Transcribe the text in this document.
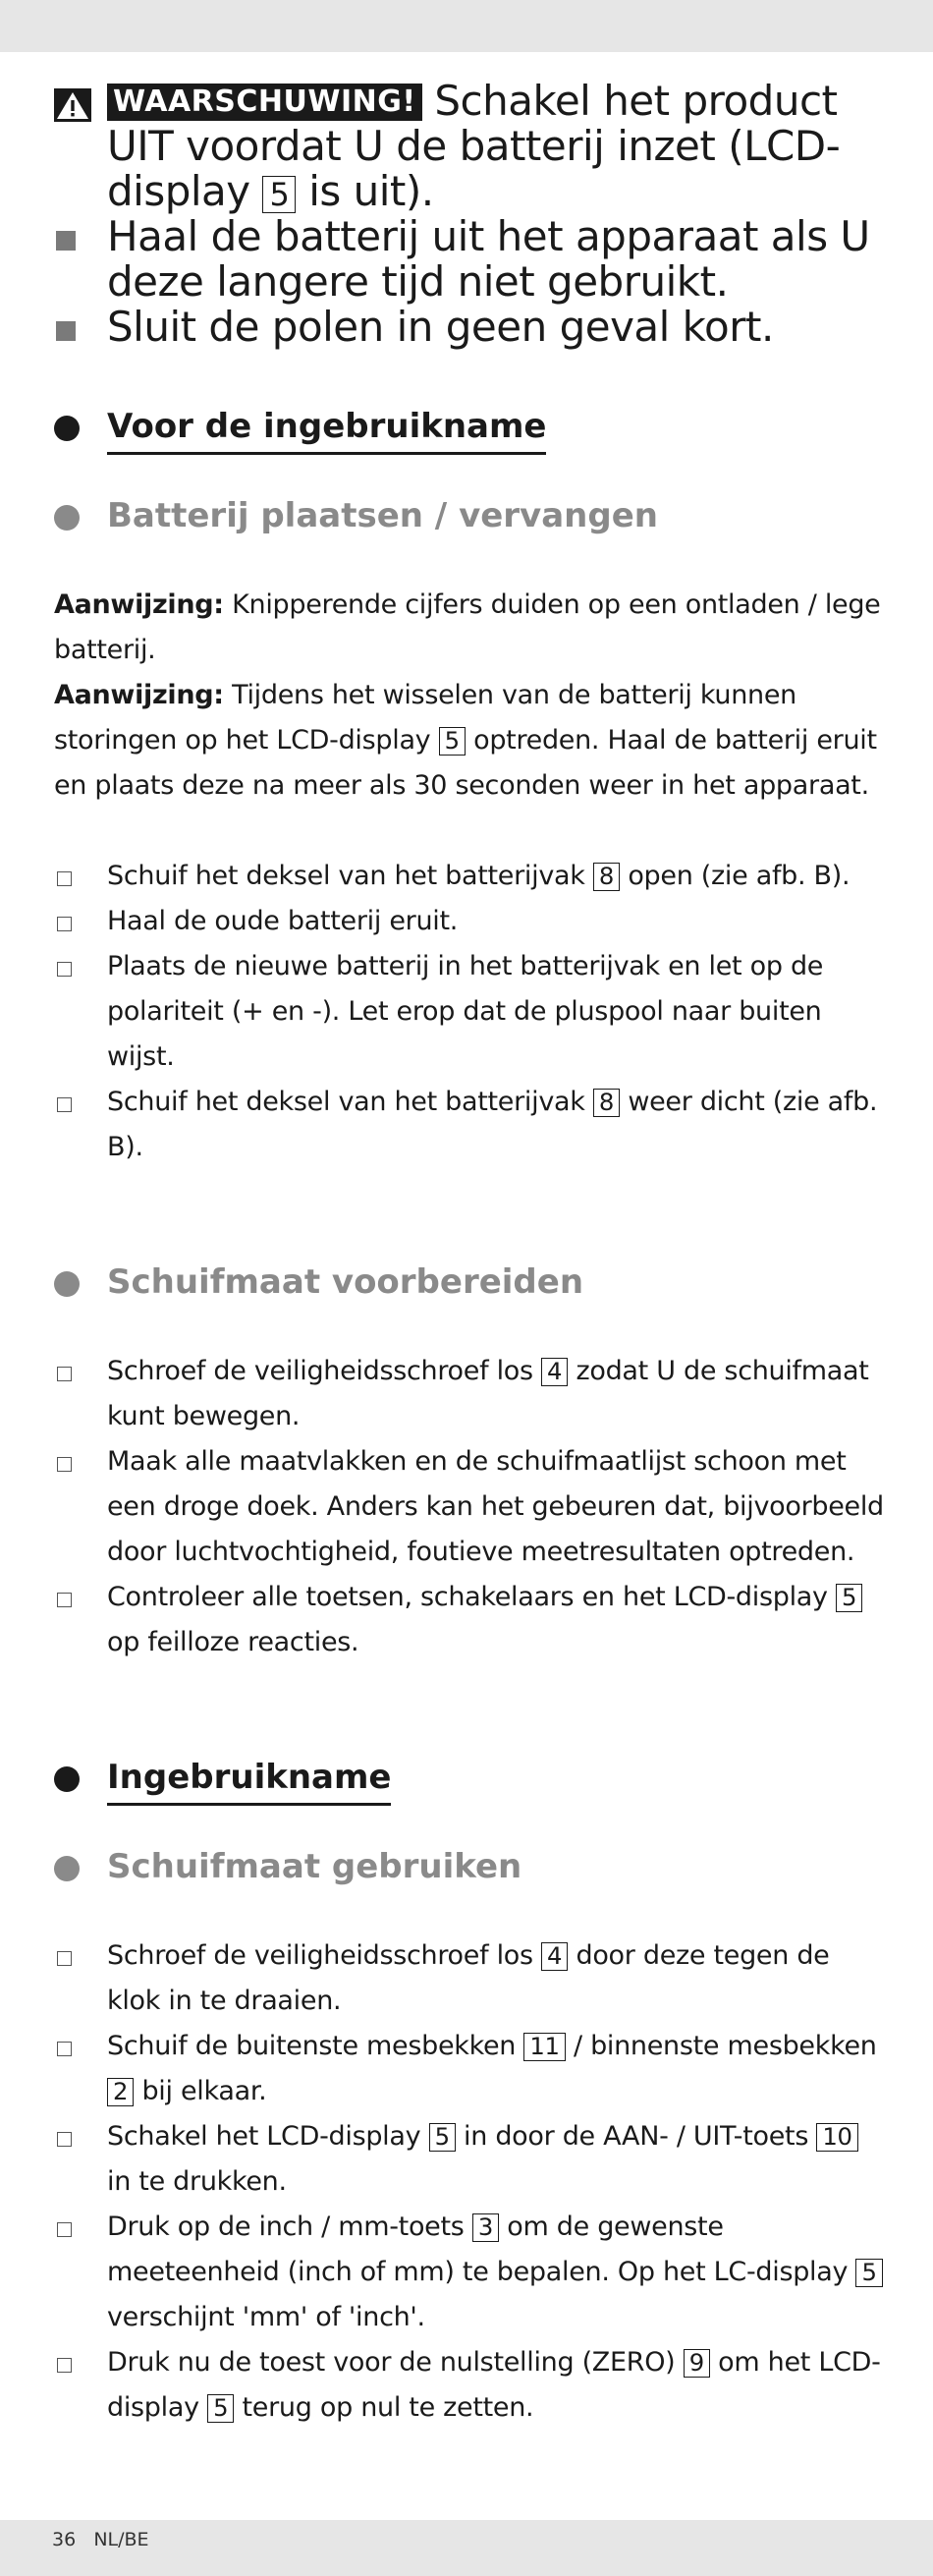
WAARSCHUWING! Schakel het product UIT voordat U de batterij inzet (LCD-display 5 is uit).
Haal de batterij uit het apparaat als U deze langere tijd niet gebruikt.
Sluit de polen in geen geval kort.
Voor de ingebruikname
Batterij plaatsen / vervangen
Aanwijzing: Knipperende cijfers duiden op een ontladen / lege batterij.
Aanwijzing: Tijdens het wisselen van de batterij kunnen storingen op het LCD-display 5 optreden. Haal de batterij eruit en plaats deze na meer als 30 seconden weer in het apparaat.
Schuif het deksel van het batterijvak 8 open (zie afb. B).
Haal de oude batterij eruit.
Plaats de nieuwe batterij in het batterijvak en let op de polariteit (+ en -). Let erop dat de pluspool naar buiten wijst.
Schuif het deksel van het batterijvak 8 weer dicht (zie afb. B).
Schuifmaat voorbereiden
Schroef de veiligheidsschroef los 4 zodat U de schuifmaat kunt bewegen.
Maak alle maatvlakken en de schuifmaatlijst schoon met een droge doek. Anders kan het gebeuren dat, bijvoorbeeld door luchtvochtigheid, foutieve meetresultaten optreden.
Controleer alle toetsen, schakelaars en het LCD-display 5 op feilloze reacties.
Ingebruikname
Schuifmaat gebruiken
Schroef de veiligheidsschroef los 4 door deze tegen de klok in te draaien.
Schuif de buitenste mesbekken 11 / binnenste mesbekken 2 bij elkaar.
Schakel het LCD-display 5 in door de AAN- / UIT-toets 10 in te drukken.
Druk op de inch / mm-toets 3 om de gewenste meeteenheid (inch of mm) te bepalen. Op het LC-display 5 verschijnt 'mm' of 'inch'.
Druk nu de toest voor de nulstelling (ZERO) 9 om het LCD-display 5 terug op nul te zetten.
36 NL/BE
